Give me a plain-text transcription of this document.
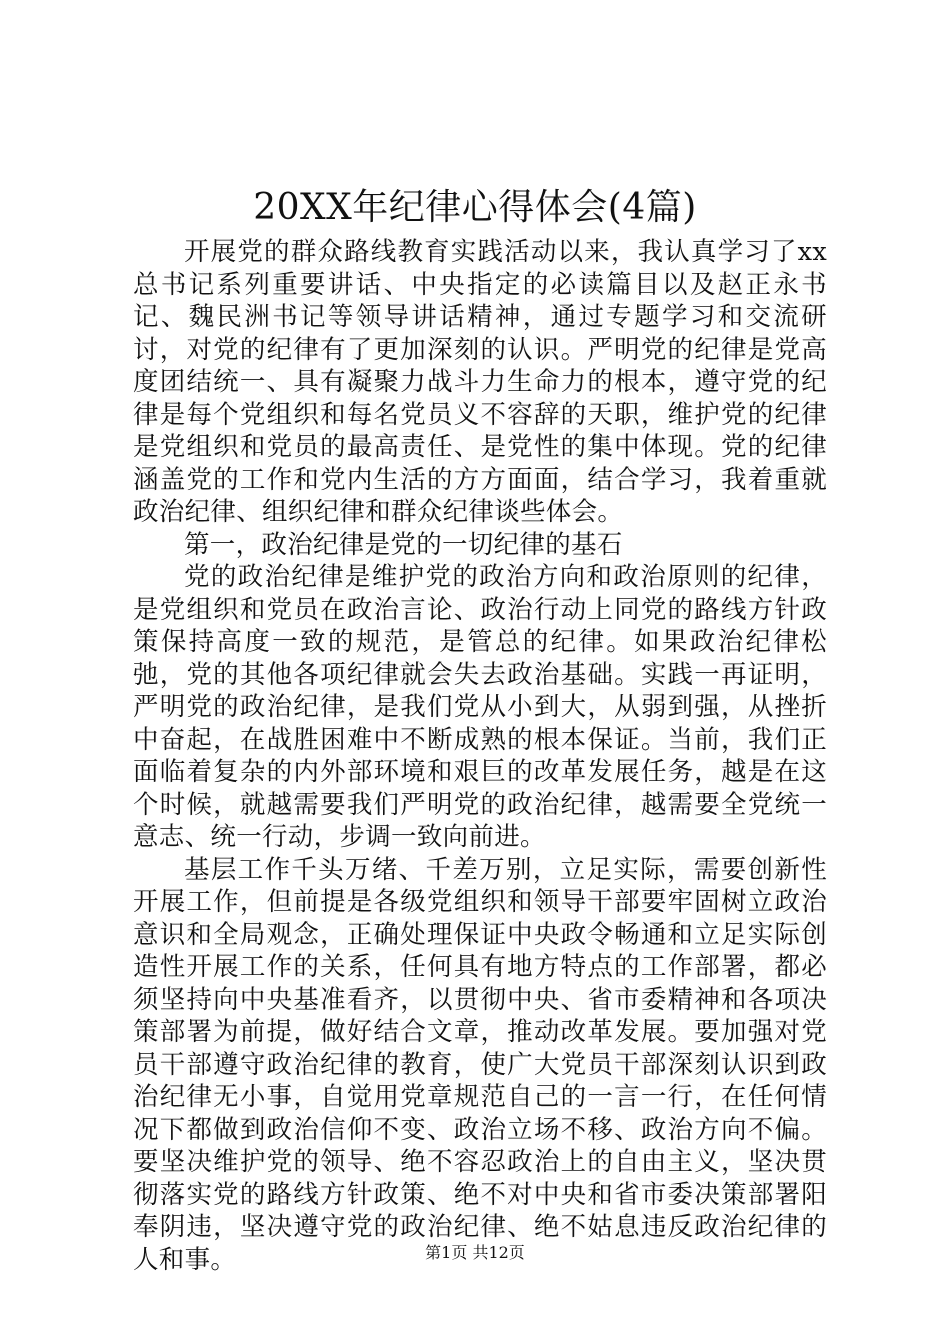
20XX年纪律心得体会(4篇)

开展党的群众路线教育实践活动以来，我认真学习了xx总书记系列重要讲话、中央指定的必读篇目以及赵正永书记、魏民洲书记等领导讲话精神，通过专题学习和交流研讨，对党的纪律有了更加深刻的认识。严明党的纪律是党高度团结统一、具有凝聚力战斗力生命力的根本，遵守党的纪律是每个党组织和每名党员义不容辞的天职，维护党的纪律是党组织和党员的最高责任、是党性的集中体现。党的纪律涵盖党的工作和党内生活的方方面面，结合学习，我着重就政治纪律、组织纪律和群众纪律谈些体会。

第一，政治纪律是党的一切纪律的基石

党的政治纪律是维护党的政治方向和政治原则的纪律，是党组织和党员在政治言论、政治行动上同党的路线方针政策保持高度一致的规范，是管总的纪律。如果政治纪律松弛，党的其他各项纪律就会失去政治基础。实践一再证明，严明党的政治纪律，是我们党从小到大，从弱到强，从挫折中奋起，在战胜困难中不断成熟的根本保证。当前，我们正面临着复杂的内外部环境和艰巨的改革发展任务，越是在这个时候，就越需要我们严明党的政治纪律，越需要全党统一意志、统一行动，步调一致向前进。

基层工作千头万绪、千差万别，立足实际，需要创新性开展工作，但前提是各级党组织和领导干部要牢固树立政治意识和全局观念，正确处理保证中央政令畅通和立足实际创造性开展工作的关系，任何具有地方特点的工作部署，都必须坚持向中央基准看齐，以贯彻中央、省市委精神和各项决策部署为前提，做好结合文章，推动改革发展。要加强对党员干部遵守政治纪律的教育，使广大党员干部深刻认识到政治纪律无小事，自觉用党章规范自己的一言一行，在任何情况下都做到政治信仰不变、政治立场不移、政治方向不偏。要坚决维护党的领导、绝不容忍政治上的自由主义，坚决贯彻落实党的路线方针政策、绝不对中央和省市委决策部署阳奉阴违，坚决遵守党的政治纪律、绝不姑息违反政治纪律的人和事。	第1页 共12页
